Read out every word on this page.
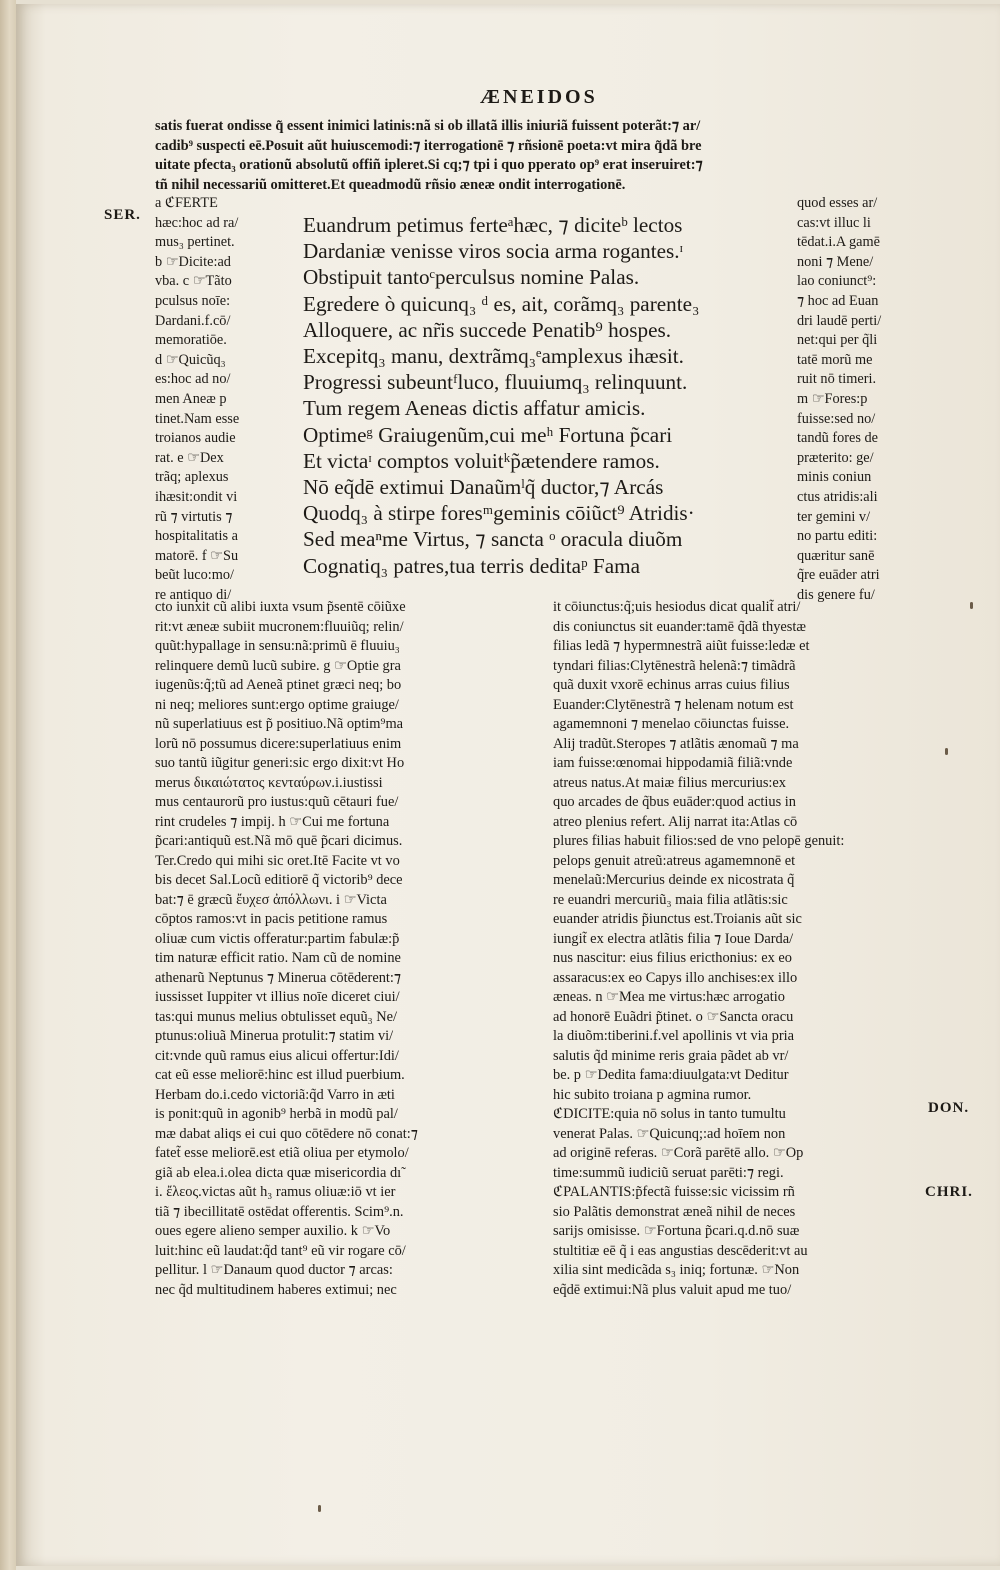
ÆNEIDOS
satis fuerat ondisse q̃ essent inimici latinis:nã si ob illatã illis iniuriã fuissent poterãt:⁊ ar/
cadib⁹ suspecti eē.Posuit aũt huiuscemodi:⁊ iterrogationē ⁊ rñsionē poeta:vt mira q̃dã bre
uitate pfecta₃ orationũ absolutũ offiñ ipleret.Si cq;⁊ tpi i quo pperato op⁹ erat inseruiret:⁊
tñ nihil necessariũ omitteret.Et queadmodũ rñsio æneæ ondit interrogationē.
SER.
a ℭFERTE
hæc:hoc ad ra/
mus₃ pertinet.
b ☞Dicite:ad
vba. c ☞Tãto
pculsus noīe:
Dardani.f.cō/
memoratiōe.
d ☞Quicũq₃
es:hoc ad no/
men Aneæ p
tinet.Nam esse
troianos audie
rat. e ☞Dex
trãq; aplexus
ihæsit:ondit vi
rũ ⁊ virtutis ⁊
hospitalitatis a
matorē. f ☞Su
beũt luco:mo/
re antiquo di/
Euandrum petimus ferteᵃhæc, ⁊ diciteᵇ lectos
Dardaniæ venisse viros socia arma rogantes.ᶦ
Obstipuit tantoᶜperculsus nomine Palas.
Egredere ò quicunq₃ ᵈ es, ait, corãmq₃ parente₃
Alloquere, ac nr̃is succede Penatib⁹ hospes.
Excepitq₃ manu, dextrãmq₃ᵉamplexus ihæsit.
Progressi subeuntᶠluco, fluuiumq₃ relinquunt.
Tum regem Aeneas dictis affatur amicis.
Optimeᵍ Graiugenũm,cui meʰ Fortuna p̃cari
Et victaᶦ comptos voluitᵏp̃ætendere ramos.
Nō eq̃dē extimui Danaũmˡq̃ ductor,⁊ Arcás
Quodq₃ à stirpe foresᵐgeminis cōiũct⁹ Atridis·
Sed meaⁿme Virtus, ⁊ sancta ᵒ oracula diuõm
Cognatiq₃ patres,tua terris deditaᵖ Fama
quod esses ar/
cas:vt illuc li
tēdat.i.A gamē
noni ⁊ Mene/
lao coniunct⁹:
⁊ hoc ad Euan
dri laudē perti/
net:qui per q̃li
tatē morũ me
ruit nō timeri.
m ☞Fores:p
fuisse:sed no/
tandũ fores de
præterito: ge/
minis coniun
ctus atridis:ali
ter gemini v/
no partu editi:
quæritur sanē
q̃re euāder atri
dis genere fu/
cto iunxit cũ alibi iuxta vsum p̃sentē cōiũxe
rit:vt æneæ subiit mucronem:fluuiũq; relin/
quũt:hypallage in sensu:nã:primũ ē fluuiu₃
relinquere demũ lucũ subire. g ☞Optie gra
iugenũs:q̃;tũ ad Aeneã ptinet græci neq; bo
ni neq; meliores sunt:ergo optime graiuge/
nũ superlatiuus est p̃ positiuo.Nã optim⁹ma
lorũ nō possumus dicere:superlatiuus enim
suo tantũ iũgitur generi:sic ergo dixit:vt Ho
merus δικαιώτατος κενταύρων.i.iustissi
mus centaurorũ pro iustus:quũ cētauri fue/
rint crudeles ⁊ impij. h ☞Cui me fortuna
p̃cari:antiquũ est.Nã mō quē p̃cari dicimus.
Ter.Credo qui mihi sic oret.Itē Facite vt vo
bis decet Sal.Locũ editiorē q̃ victorib⁹ dece
bat:⁊ ē græcũ ἔυχεσ ἀπόλλωνι. i ☞Victa
cōptos ramos:vt in pacis petitione ramus
oliuæ cum victis offeratur:partim fabulæ:p̃
tim naturæ efficit ratio. Nam cũ de nomine
athenarũ Neptunus ⁊ Minerua cōtēderent:⁊
iussisset Iuppiter vt illius noīe diceret ciui/
tas:qui munus melius obtulisset equũ₃ Ne/
ptunus:oliuã Minerua protulit:⁊ statim vi/
cit:vnde quũ ramus eius alicui offertur:Idi/
cat eũ esse meliorē:hinc est illud puerbium.
Herbam do.i.cedo victoriã:q̃d Varro in æti
is ponit:quũ in agonib⁹ herbã in modũ pal/
mæ dabat aliqs ei cui quo cōtēdere nō conat:⁊
fatet̃ esse meliorē.est etiã oliua per etymolo/
giã ab elea.i.olea dicta quæ misericordia dı̃
i. ἔλεος.victas aũt h₃ ramus oliuæ:iō vt ier
tiã ⁊ ibecillitatē ostēdat offerentis. Scim⁹.n.
oues egere alieno semper auxilio. k ☞Vo
luit:hinc eũ laudat:q̃d tant⁹ eũ vir rogare cō/
pellitur. l ☞Danaum quod ductor ⁊ arcas:
nec q̃d multitudinem haberes extimui; nec
it cōiunctus:q̃;uis hesiodus dicat qualit̃ atri/
dis coniunctus sit euander:tamē q̃dã thyestæ
filias ledã ⁊ hypermnestrã aiũt fuisse:ledæ et
tyndari filias:Clytēnestrã helenã:⁊ timãdrã
quã duxit vxorē echinus arras cuius filius
Euander:Clytēnestrã ⁊ helenam notum est
agamemnoni ⁊ menelao cōiunctas fuisse.
Alij tradũt.Steropes ⁊ atlãtis ænomaũ ⁊ ma
iam fuisse:œnomai hippodamiã filiã:vnde
atreus natus.At maiæ filius mercurius:ex
quo arcades de q̃bus euāder:quod actius in
atreo plenius refert. Alij narrat ita:Atlas cō
plures filias habuit filios:sed de vno pelopē genuit:
pelops genuit atreũ:atreus agamemnonē et
menelaũ:Mercurius deinde ex nicostrata q̃
re euandri mercuriũ₃ maia filia atlãtis:sic
euander atridis p̃iunctus est.Troianis aũt sic
iungit̃ ex electra atlãtis filia ⁊ Ioue Darda/
nus nascitur: eius filius ericthonius: ex eo
assaracus:ex eo Capys illo anchises:ex illo
æneas. n ☞Mea me virtus:hæc arrogatio
ad honorē Euãdri p̃tinet. o ☞Sancta oracu
la diuõm:tiberini.f.vel apollinis vt via pria
salutis q̃d minime reris graia pãdet ab vr/
be. p ☞Dedita fama:diuulgata:vt Deditur
hic subito troiana p agmina rumor.
ℭDICITE:quia nō solus in tanto tumultu
venerat Palas. ☞Quicunq;:ad hoīem non
ad originē referas. ☞Corã parētē allo. ☞Op
time:summũ iudiciũ seruat parēti:⁊ regi.
ℭPALANTIS:p̃fectã fuisse:sic vicissim rñ
sio Palãtis demonstrat æneã nihil de neces
sarijs omisisse. ☞Fortuna p̃cari.q.d.nō suæ
stultitiæ eē q̃ i eas angustias descēderit:vt au
xilia sint medicãda s₃ iniq; fortunæ. ☞Non
eq̃dē extimui:Nã plus valuit apud me tuo/
DON.
CHRI.
